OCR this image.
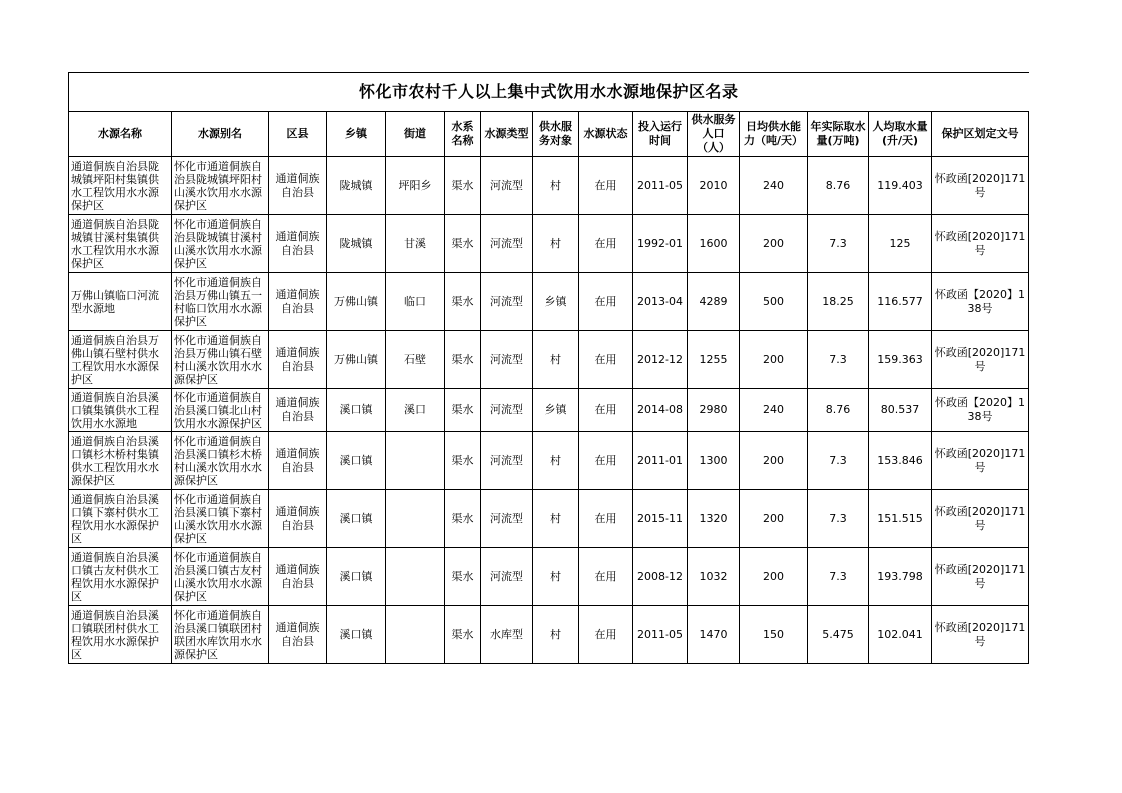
怀化市农村千人以上集中式饮用水水源地保护区名录														
水源名称	水源别名	区县	乡镇	街道	水系名称	水源类型	供水服务对象	水源状态	投入运行时间	供水服务人口（人）	日均供水能力（吨/天）	年实际取水量(万吨)	人均取水量(升/天)	保护区划定文号
通道侗族自治县陇城镇坪阳村集镇供水工程饮用水水源保护区	怀化市通道侗族自治县陇城镇坪阳村山溪水饮用水水源保护区	通道侗族自治县	陇城镇	坪阳乡	渠水	河流型	村	在用	2011-05	2010	240	8.76	119.403	怀政函[2020]171号
通道侗族自治县陇城镇甘溪村集镇供水工程饮用水水源保护区	怀化市通道侗族自治县陇城镇甘溪村山溪水饮用水水源保护区	通道侗族自治县	陇城镇	甘溪	渠水	河流型	村	在用	1992-01	1600	200	7.3	125	怀政函[2020]171号
万佛山镇临口河流型水源地	怀化市通道侗族自治县万佛山镇五一村临口饮用水水源保护区	通道侗族自治县	万佛山镇	临口	渠水	河流型	乡镇	在用	2013-04	4289	500	18.25	116.577	怀政函【2020】138号
通道侗族自治县万佛山镇石壁村供水工程饮用水水源保护区	怀化市通道侗族自治县万佛山镇石壁村山溪水饮用水水源保护区	通道侗族自治县	万佛山镇	石壁	渠水	河流型	村	在用	2012-12	1255	200	7.3	159.363	怀政函[2020]171号
通道侗族自治县溪口镇集镇供水工程饮用水水源地	怀化市通道侗族自治县溪口镇北山村饮用水水源保护区	通道侗族自治县	溪口镇	溪口	渠水	河流型	乡镇	在用	2014-08	2980	240	8.76	80.537	怀政函【2020】138号
通道侗族自治县溪口镇杉木桥村集镇供水工程饮用水水源保护区	怀化市通道侗族自治县溪口镇杉木桥村山溪水饮用水水源保护区	通道侗族自治县	溪口镇		渠水	河流型	村	在用	2011-01	1300	200	7.3	153.846	怀政函[2020]171号
通道侗族自治县溪口镇下寨村供水工程饮用水水源保护区	怀化市通道侗族自治县溪口镇下寨村山溪水饮用水水源保护区	通道侗族自治县	溪口镇		渠水	河流型	村	在用	2015-11	1320	200	7.3	151.515	怀政函[2020]171号
通道侗族自治县溪口镇古友村供水工程饮用水水源保护区	怀化市通道侗族自治县溪口镇古友村山溪水饮用水水源保护区	通道侗族自治县	溪口镇		渠水	河流型	村	在用	2008-12	1032	200	7.3	193.798	怀政函[2020]171号
通道侗族自治县溪口镇联团村供水工程饮用水水源保护区	怀化市通道侗族自治县溪口镇联团村联团水库饮用水水源保护区	通道侗族自治县	溪口镇		渠水	水库型	村	在用	2011-05	1470	150	5.475	102.041	怀政函[2020]171号
